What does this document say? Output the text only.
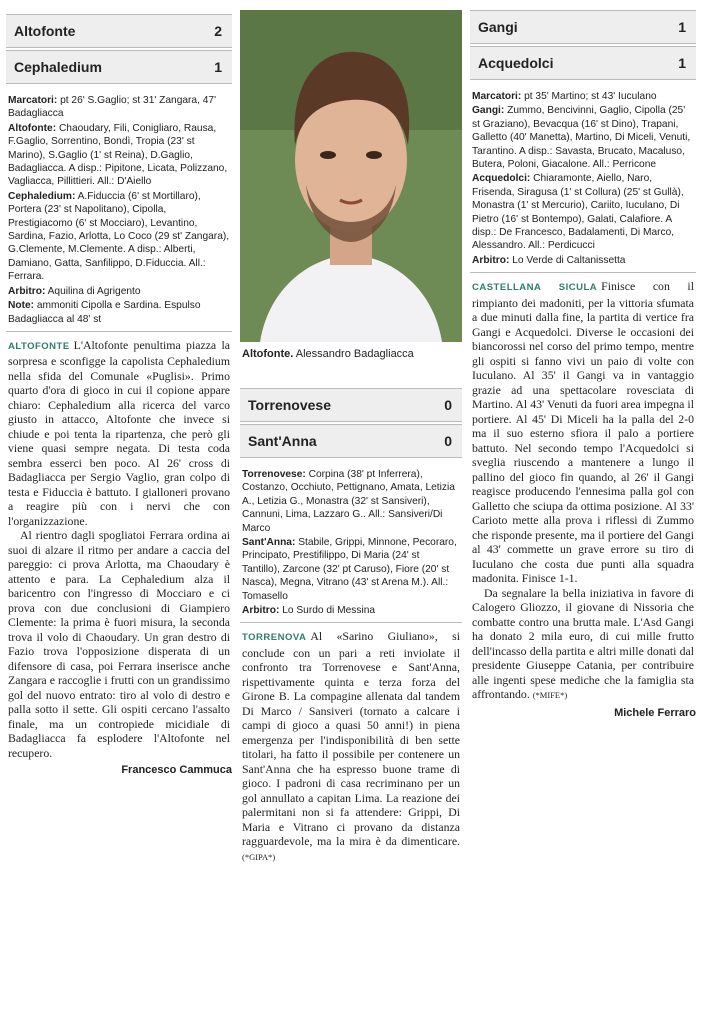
Altofonte	2
Cephaledium	1

Marcatori: pt 26' S.Gaglio; st 31' Zangara, 47' Badagliacca

Altofonte: Chaoudary, Fili, Conigliaro, Rausa, F.Gaglio, Sorrentino, Bondì, Tropia (23' st Marino), S.Gaglio (1' st Reina), D.Gaglio, Badagliacca. A disp.: Pipitone, Licata, Polizzano, Vagliacca, Pillittieri. All.: D'Aiello

Cephaledium: A.Fiduccia (6' st Mortillaro), Portera (23' st Napolitano), Cipolla, Prestigiacomo (6' st Mocciaro), Levantino, Sardina, Fazio, Arlotta, Lo Coco (29 st' Zangara), G.Clemente, M.Clemente. A disp.: Alberti, Damiano, Gatta, Sanfilippo, D.Fiduccia. All.: Ferrara.

Arbitro: Aquilina di Agrigento

Note: ammoniti Cipolla e Sardina. Espulso Badagliacca al 48' st

ALTOFONTE L'Altofonte penultima piazza la sorpresa e sconfigge la capolista Cephaledium nella sfida del Comunale «Puglisi». Primo quarto d'ora di gioco in cui il copione appare chiaro: Cephaledium alla ricerca del varco giusto in attacco, Altofonte che invece si chiude e poi tenta la ripartenza, che però gli viene quasi sempre negata. Di testa coda sembra esserci ben poco. Al 26' cross di Badagliacca per Sergio Vaglio, gran colpo di testa e Fiduccia è battuto. I gialloneri provano a reagire più con i nervi che con l'organizzazione.

Al rientro dagli spogliatoi Ferrara ordina ai suoi di alzare il ritmo per andare a caccia del pareggio: ci prova Arlotta, ma Chaoudary è attento e para. La Cephaledium alza il baricentro con l'ingresso di Mocciaro e ci prova con due conclusioni di Giampiero Clemente: la prima è fuori misura, la seconda trova il volo di Chaoudary. Un gran destro di Fazio trova l'opposizione disperata di un difensore di casa, poi Ferrara inserisce anche Zangara e raccoglie i frutti con un grandissimo gol del nuovo entrato: tiro al volo di destro e palla sotto il sette. Gli ospiti cercano l'assalto finale, ma un contropiede micidiale di Badagliacca fa esplodere l'Altofonte nel recupero.

Francesco Cammuca
Altofonte. Alessandro Badagliacca
Torrenovese	0
Sant'Anna	0

Torrenovese: Corpina (38' pt Inferrera), Costanzo, Occhiuto, Pettignano, Amata, Letizia A., Letizia G., Monastra (32' st Sansiveri), Cannuni, Lima, Lazzaro G.. All.: Sansiveri/Di Marco

Sant'Anna: Stabile, Grippi, Minnone, Pecoraro, Principato, Prestifilippo, Di Maria (24' st Tantillo), Zarcone (32' pt Caruso), Fiore (20' st Nasca), Megna, Vitrano (43' st Arena M.). All.: Tomasello

Arbitro: Lo Surdo di Messina

TORRENOVA Al «Sarino Giuliano», si conclude con un pari a reti inviolate il confronto tra Torrenovese e Sant'Anna, rispettivamente quinta e terza forza del Girone B. La compagine allenata dal tandem Di Marco / Sansiveri (tornato a calcare i campi di gioco a quasi 50 anni!) in piena emergenza per l'indisponibilità di ben sette titolari, ha fatto il possibile per contenere un Sant'Anna che ha espresso buone trame di gioco. I padroni di casa recriminano per un gol annullato a capitan Lima. La reazione dei palermitani non si fa attendere: Grippi, Di Maria e Vitrano ci provano da distanza ragguardevole, ma la mira è da dimenticare. (*GIPA*)

Gangi	1
Acquedolci	1

Marcatori: pt 35' Martino; st 43' Iuculano

Gangi: Zummo, Bencivinni, Gaglio, Cipolla (25' st Graziano), Bevacqua (16' st Dino), Trapani, Galletto (40' Manetta), Martino, Di Miceli, Venuti, Tarantino. A disp.: Savasta, Brucato, Macaluso, Butera, Poloni, Giacalone. All.: Perricone

Acquedolci: Chiaramonte, Aiello, Naro, Frisenda, Siragusa (1' st Collura) (25' st Gullà), Monastra (1' st Mercurio), Cariito, Iuculano, Di Pietro (16' st Bontempo), Galati, Calafiore. A disp.: De Francesco, Badalamenti, Di Marco, Alessandro. All.: Perdicucci

Arbitro: Lo Verde di Caltanissetta

CASTELLANA SICULA Finisce con il rimpianto dei madoniti, per la vittoria sfumata a due minuti dalla fine, la partita di vertice fra Gangi e Acquedolci. Diverse le occasioni dei biancorossi nel corso del primo tempo, mentre gli ospiti si fanno vivi un paio di volte con Iuculano. Al 35' il Gangi va in vantaggio grazie ad una spettacolare rovesciata di Martino. Al 43' Venuti da fuori area impegna il portiere. Al 45' Di Miceli ha la palla del 2-0 ma il suo esterno sfiora il palo a portiere battuto. Nel secondo tempo l'Acquedolci si sveglia riuscendo a mantenere a lungo il pallino del gioco fin quando, al 26' il Gangi reagisce producendo l'ennesima palla gol con Galletto che sciupa da ottima posizione. Al 33' Carioto mette alla prova i riflessi di Zummo che risponde presente, ma il portiere del Gangi al 43' commette un grave errore su tiro di Iuculano che costa due punti alla squadra madonita. Finisce 1-1.

Da segnalare la bella iniziativa in favore di Calogero Gliozzo, il giovane di Nissoria che combatte contro una brutta male. L'Asd Gangi ha donato 2 mila euro, di cui mille frutto dell'incasso della partita e altri mille donati dal presidente Giuseppe Catania, per contribuire alle ingenti spese mediche che la famiglia sta affrontando. (*MIFE*)

Michele Ferraro
